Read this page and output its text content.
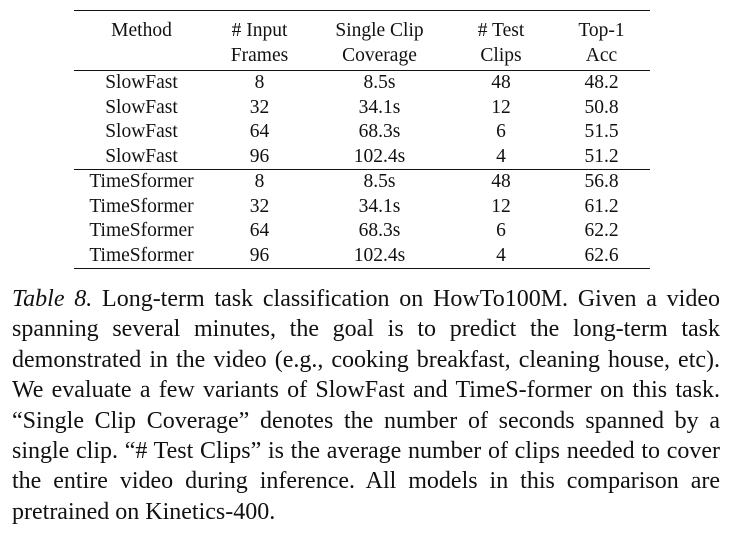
Method	# Input	Single Clip	# Test	Top-1
	Frames	Coverage	Clips	Acc
SlowFast	8	8.5s	48	48.2
SlowFast	32	34.1s	12	50.8
SlowFast	64	68.3s	6	51.5
SlowFast	96	102.4s	4	51.2
TimeSformer	8	8.5s	48	56.8
TimeSformer	32	34.1s	12	61.2
TimeSformer	64	68.3s	6	62.2
TimeSformer	96	102.4s	4	62.6

Table 8. Long-term task classification on HowTo100M. Given a video spanning several minutes, the goal is to predict the long-term task demonstrated in the video (e.g., cooking breakfast, cleaning house, etc). We evaluate a few variants of SlowFast and TimeS-former on this task. “Single Clip Coverage” denotes the number of seconds spanned by a single clip. “# Test Clips” is the average number of clips needed to cover the entire video during inference. All models in this comparison are pretrained on Kinetics-400.
